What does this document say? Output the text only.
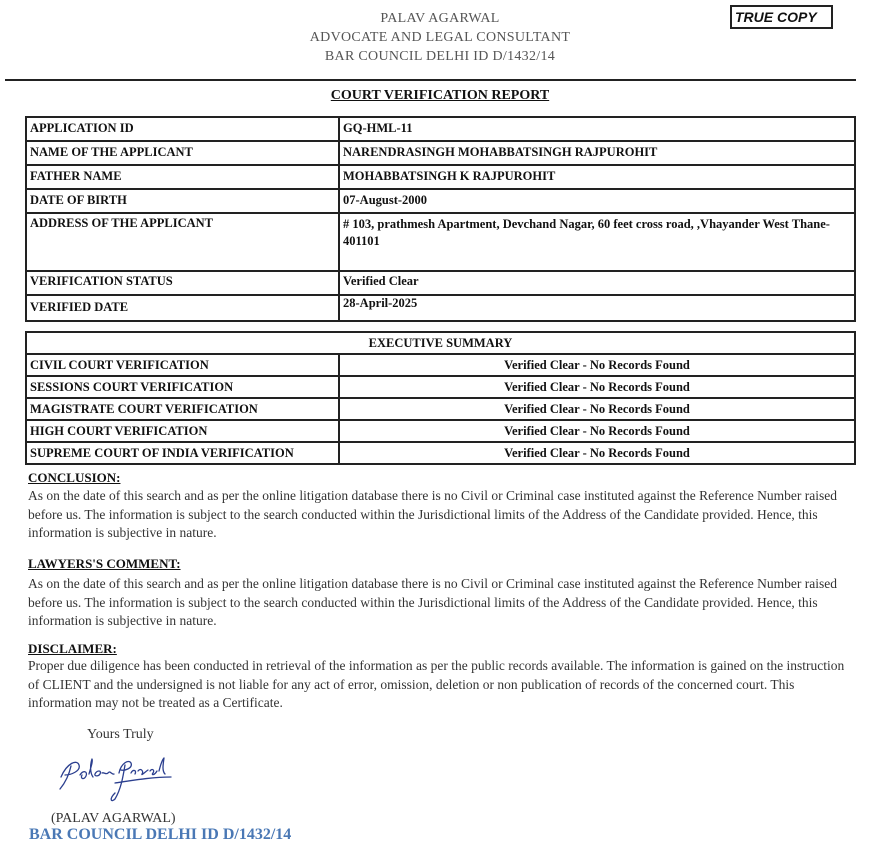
PALAV AGARWAL
ADVOCATE AND LEGAL CONSULTANT
BAR COUNCIL DELHI ID D/1432/14
TRUE COPY
COURT VERIFICATION REPORT
APPLICATION ID	GQ-HML-11
NAME OF THE APPLICANT	NARENDRASINGH MOHABBATSINGH RAJPUROHIT
FATHER NAME	MOHABBATSINGH K RAJPUROHIT
DATE OF BIRTH	07-August-2000
ADDRESS OF THE APPLICANT	# 103, prathmesh Apartment, Devchand Nagar, 60 feet cross road, ,Vhayander West Thane-401101
VERIFICATION STATUS	Verified Clear
VERIFIED DATE	28-April-2025
EXECUTIVE SUMMARY	
CIVIL COURT VERIFICATION	Verified Clear - No Records Found
SESSIONS COURT VERIFICATION	Verified Clear - No Records Found
MAGISTRATE COURT VERIFICATION	Verified Clear - No Records Found
HIGH COURT VERIFICATION	Verified Clear - No Records Found
SUPREME COURT OF INDIA VERIFICATION	Verified Clear - No Records Found
CONCLUSION:
As on the date of this search and as per the online litigation database there is no Civil or Criminal case instituted against the Reference Number raised before us. The information is subject to the search conducted within the Jurisdictional limits of the Address of the Candidate provided. Hence, this information is subjective in nature.
LAWYERS'S COMMENT:
As on the date of this search and as per the online litigation database there is no Civil or Criminal case instituted against the Reference Number raised before us. The information is subject to the search conducted within the Jurisdictional limits of the Address of the Candidate provided. Hence, this information is subjective in nature.
DISCLAIMER:
Proper due diligence has been conducted in retrieval of the information as per the public records available. The information is gained on the instruction of CLIENT and the undersigned is not liable for any act of error, omission, deletion or non publication of records of the concerned court. This information may not be treated as a Certificate.
Yours Truly
(PALAV AGARWAL)
BAR COUNCIL DELHI ID D/1432/14
